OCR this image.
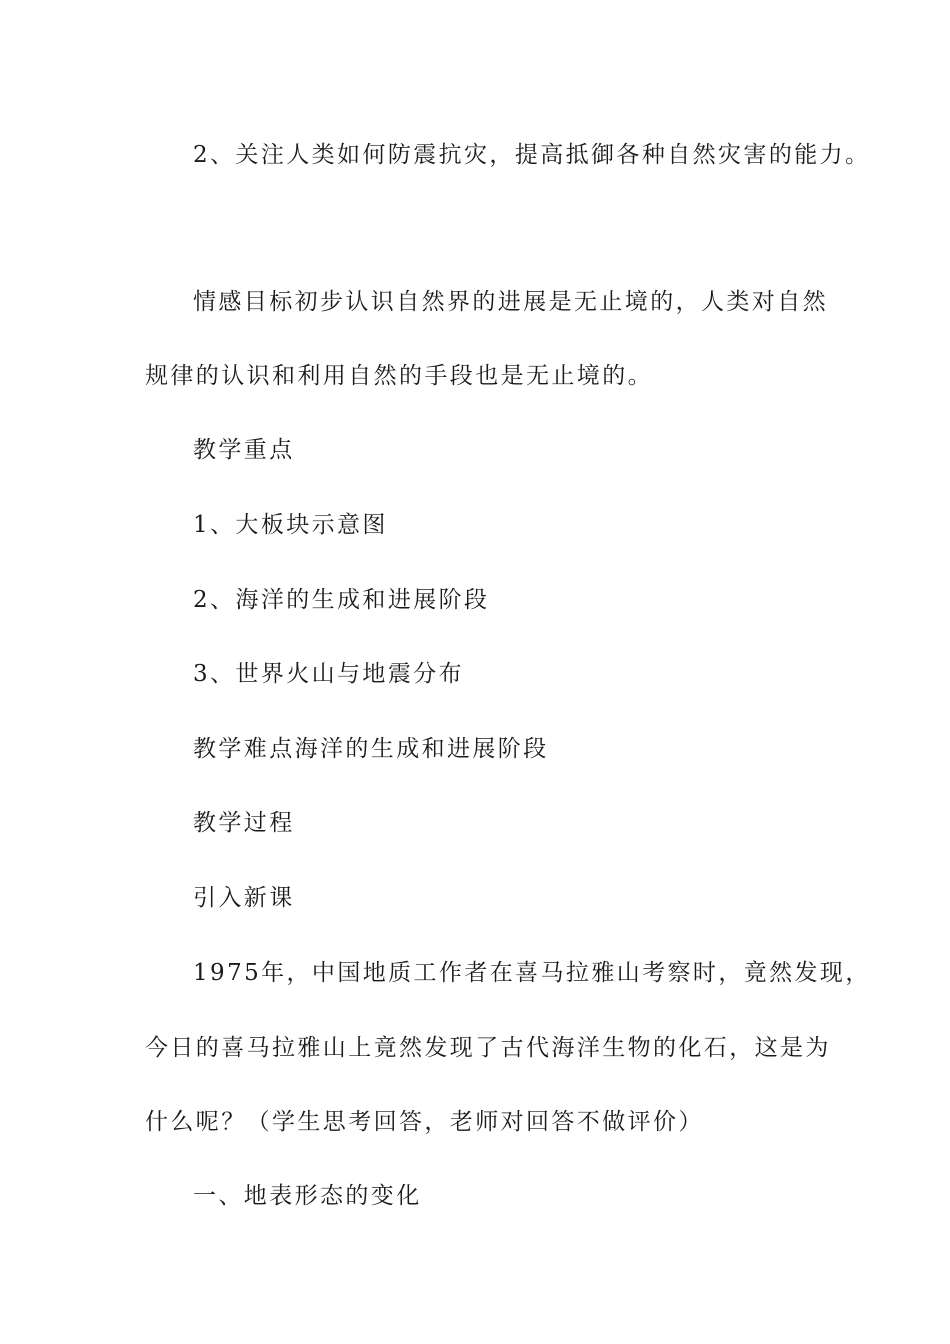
2、关注人类如何防震抗灾，提高抵御各种自然灾害的能力。
情感目标初步认识自然界的进展是无止境的，人类对自然
规律的认识和利用自然的手段也是无止境的。
教学重点
1、大板块示意图
2、海洋的生成和进展阶段
3、世界火山与地震分布
教学难点海洋的生成和进展阶段
教学过程
引入新课
1975年，中国地质工作者在喜马拉雅山考察时，竟然发现，
今日的喜马拉雅山上竟然发现了古代海洋生物的化石，这是为
什么呢？（学生思考回答，老师对回答不做评价）
一、地表形态的变化
